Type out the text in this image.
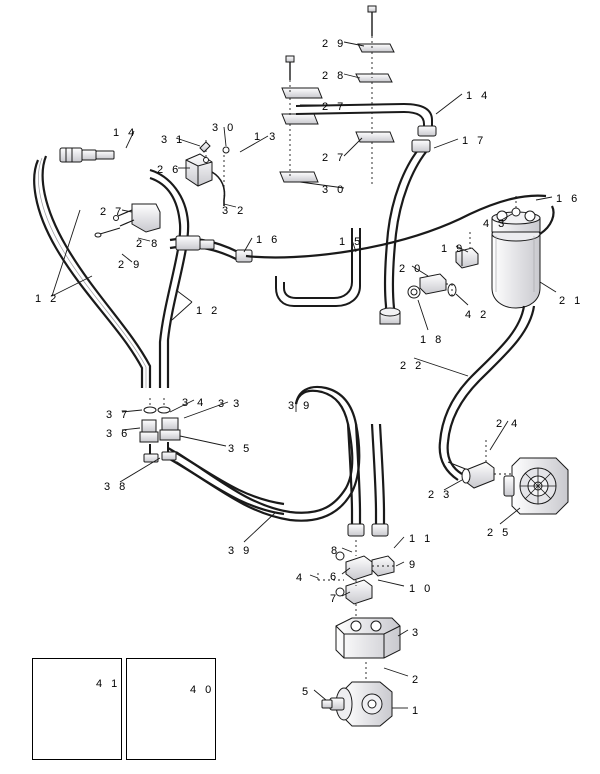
2 9
2 8
2 7
1 4
2 7
1 7
1 4
3 1
3 0
1 3
2 6
3 0
1 6
3 2
2 7
4 3
2 8	1 6	1 5
1 9
2 9	2 0
2 1
1 2
1 2	4 2
1 8
2 2
3 9
3 4 3 3
3 7
3 6
2 4
3 5
3 8
2 3
2 5
3 9	8
1 1
9
4 6
1 0
7
3
2
5
1
4 1	4 0
